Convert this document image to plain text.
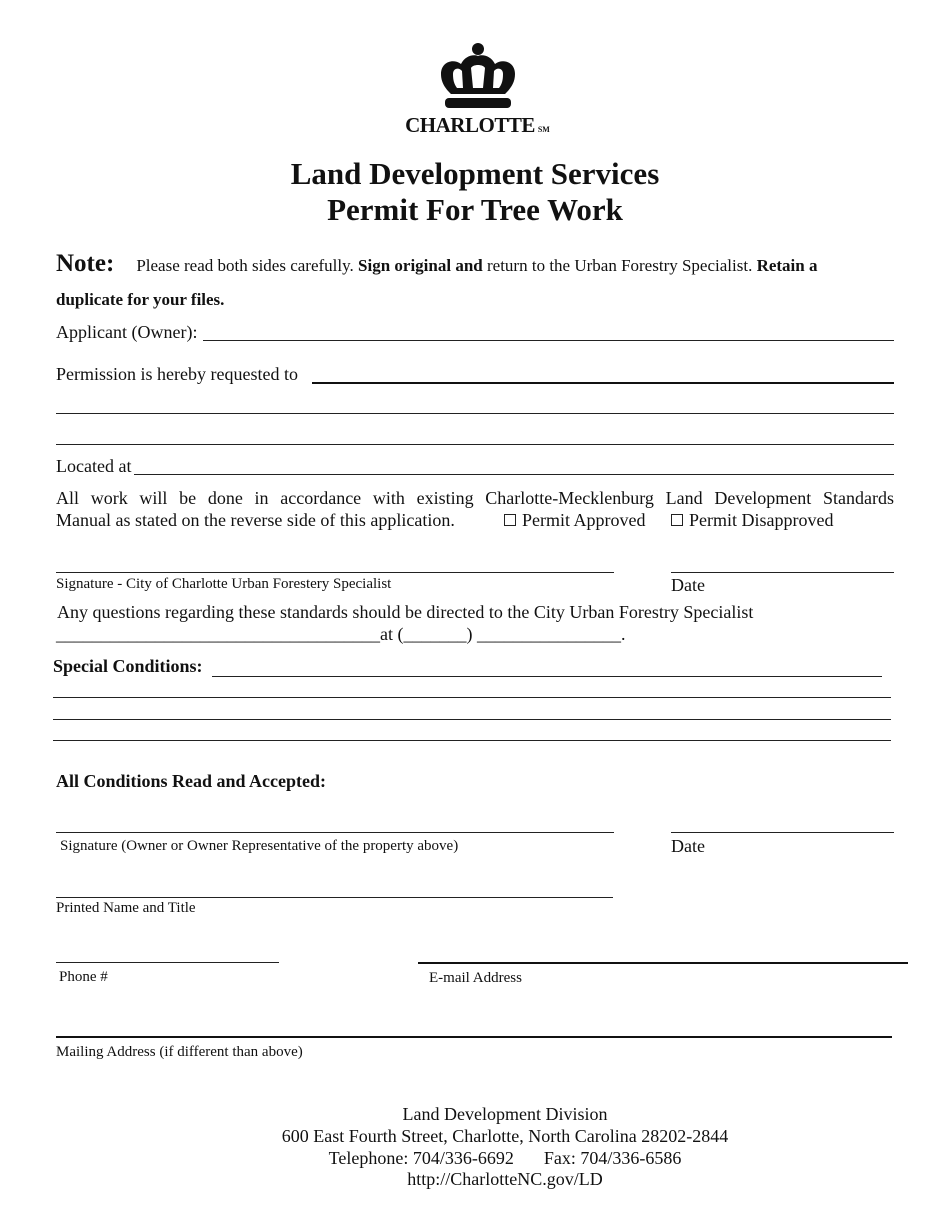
CHARLOTTE SM
Land Development Services
Permit For Tree Work
Note: Please read both sides carefully. Sign original and return to the Urban Forestry Specialist. Retain a
duplicate for your files.
Applicant (Owner):
Permission is hereby requested to
Located at
All work will be done in accordance with existing Charlotte-Mecklenburg Land Development Standards
Manual as stated on the reverse side of this application.	Permit Approved	Permit Disapproved
Signature - City of Charlotte Urban Forestery Specialist	Date
Any questions regarding these standards should be directed to the City Urban Forestry Specialist
____________________________________at (_______) ________________.
Special Conditions:
All Conditions Read and Accepted:
Signature (Owner or Owner Representative of the property above)	Date
Printed Name and Title
Phone #	E-mail Address
Mailing Address (if different than above)
Land Development Division
600 East Fourth Street, Charlotte, North Carolina 28202-2844
Telephone: 704/336-6692 Fax: 704/336-6586
http://CharlotteNC.gov/LD
